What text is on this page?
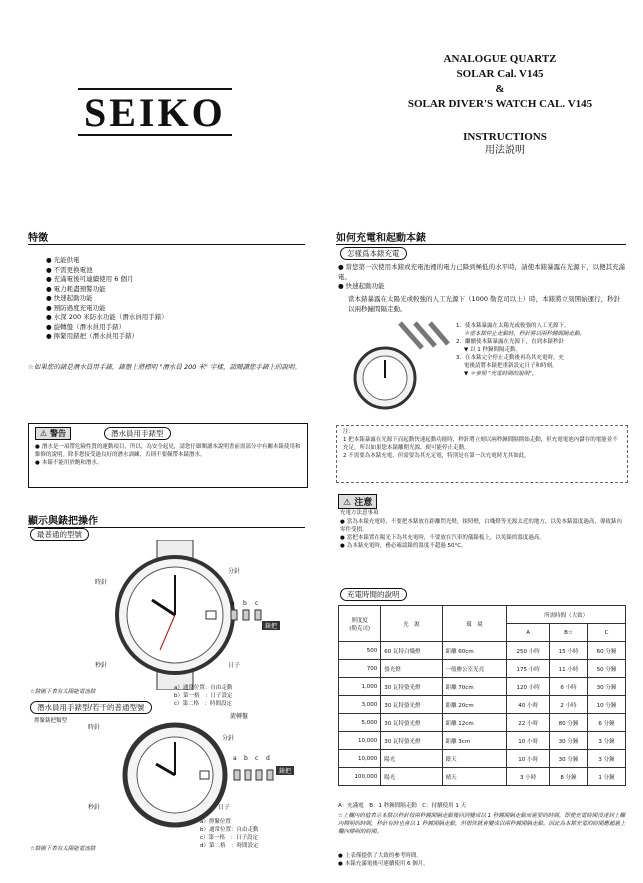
SEIKO
ANALOGUE QUARTZ
SOLAR Cal. V145
&
SOLAR DIVER'S WATCH CAL. V145
INSTRUCTIONS
用法説明
特徵
● 光能供電
● 不需更换電池
● 充滿電後可連續使用 6 個月
● 電力耗盡預警功能
● 快速起動功能
● 預防過度充電功能
● 水深 200 米防水功能（潛水員用手錶）
● 旋轉盤（潛水員用手錶）
● 擰緊用錶把（潛水員用手錶）
☆如果您的錶是潛水員用手錶，錶盤上將標明 "潛水員 200 米" 字樣，請閱讀您手錶上的說明。
⚠ 警告	潛水員用手錶型
● 潛水是一項帶危險性質的運動項目，所以，為安全起見，請您仔細閱讀本說明書前需部分中有關本錶使用和維修的說明。除非您接受過良好的潛水訓練，否則不要佩帶本錶潛水。
● 本錶不能用於飽和潛水。
顯示與錶把操作
最普通的型號
時針
分針
秒針	日子
a b c
錶把
a）通常位置：自由走動
b）第一格　：日子設定
c）第二格　：時間設定
☆錶圖下表有太陽能電池錶
潛水員用手錶型/若干的普通型號
擰緊錶把類型
時針
旋轉盤
分針
秒針	日子
a b c d
錶把
a）擰緊位置
b）通常位置：自由走動
c）第一格　：日子設定
d）第二格　：時間設定
☆錶圖下表有太陽能電池錶
如何充電和起動本錶
怎樣爲本錶充電
● 當您第一次使用本錶或充電池裡的電力已降到極低的水平時，請使本錶暴露在光源下，以便其充滿電。
● 快速起動功能
當本錶暴露在太陽光或較強的人工光源下（1000 勒克司以上）時，本錶將立刻開始運行，秒針以兩秒鐘間隔走動。
1．使本錶暴露在太陽光或較強的人工光源下。
＊當本錶停止走動時，秒針將以兩秒鐘間隔走動。
2．繼續使本錶暴露在光源下，直到本錶秒針
▼ 以 1 秒鐘間隔走動。
3．在本錶完全停止走動後再為其充電時，充
電後請將本錶把重新設定日子和時刻。
▼ ＊參照 "充電時間的說明"。
注：
1 把本錶暴露在光源下而起動快速起動功能時，秒針將立刻以兩秒鐘間隔開始走動，但充電電池內儲存的電能並不充足。所以如果您本錶離開光源，便可能停止走動。
2 不需要為本錶充電，但需要為其充足電，特別是在第一次充電時尤其如此。
⚠ 注意
充電方法意事項
● 當為本錶充電時，不要把本錶放在距離閃光燈，探照燈，白熾燈等光源太近的地方，以免本錶溫度過高，導致錶內零件受損。
● 當把本錶置在陽光下為其充電時，不要放在汽車的儀錶板上，以免錶的溫度過高。
● 為本錶充電時，務必確認錶的溫度不超過 50°C。
充電時間的說明
照度度
(勒克司)	光　源	環　境	所需時間（大致）		
			A	B☆	C
500	60 瓦特白熾燈	距離 60cm	250 小時	15 小時	60 分鐘
700	螢光燈	一般辦公室光亮	175 小時	11 小時	50 分鐘
1,000	30 瓦特螢光燈	距離 70cm	120 小時	6 小時	30 分鐘
3,000	30 瓦特螢光燈	距離 20cm	40 小時	2 小時	10 分鐘
5,000	30 瓦特螢光燈	距離 12cm	22 小時	80 分鐘	6 分鐘
10,000	30 瓦特螢光燈	距離 3cm	10 小時	30 分鐘	3 分鐘
10,000	陽光	陰天	10 小時	30 分鐘	3 分鐘
100,000	陽光	晴天	3 小時	8 分鐘	1 分鐘
A：充滿電　B：1 秒鐘間隔走動　C：持續使用 1 天
☆上欄內的值表示本錶以秒針按兩秒鐘間隔走動後回到變成以 1 秒鐘間隔走動而需要的時間。即使充電時間沒達到上欄內標明的時間，秒針有時也會以 1 秒鐘間隔走動，但很快就會變成以兩秒鐘間隔走動。因此為本錶充電的時間應超過上欄內標明的時間。
● 上表僅提供了大致的參考時間。
● 本錶充滿電後可連續使用 6 個月。
